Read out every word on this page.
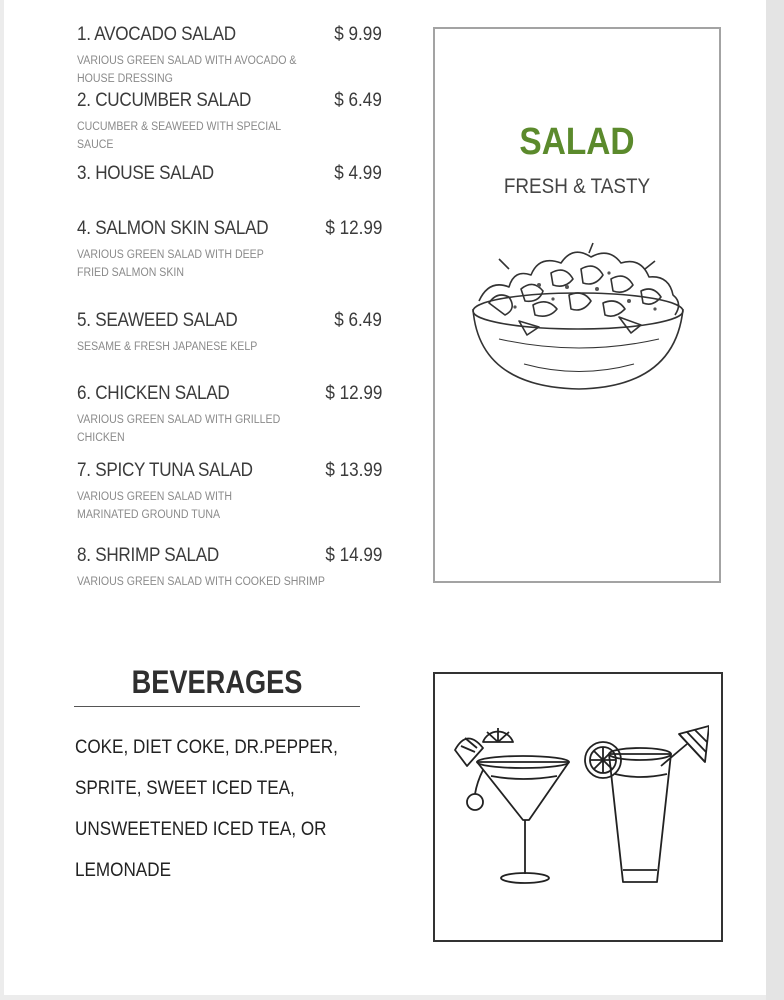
1. AVOCADO SALAD	$ 9.99
VARIOUS GREEN SALAD WITH AVOCADO & HOUSE DRESSING
2. CUCUMBER SALAD	$ 6.49
CUCUMBER & SEAWEED WITH SPECIAL SAUCE
3. HOUSE SALAD	$ 4.99
4. SALMON SKIN SALAD	$ 12.99
VARIOUS GREEN SALAD WITH DEEP FRIED SALMON SKIN
5. SEAWEED SALAD	$ 6.49
SESAME & FRESH JAPANESE KELP
6. CHICKEN SALAD	$ 12.99
VARIOUS GREEN SALAD WITH GRILLED CHICKEN
7. SPICY TUNA SALAD	$ 13.99
VARIOUS GREEN SALAD WITH MARINATED GROUND TUNA
8. SHRIMP SALAD	$ 14.99
VARIOUS GREEN SALAD WITH COOKED SHRIMP
SALAD
FRESH & TASTY
BEVERAGES
COKE, DIET COKE, DR.PEPPER, SPRITE, SWEET ICED TEA, UNSWEETENED ICED TEA, OR LEMONADE
